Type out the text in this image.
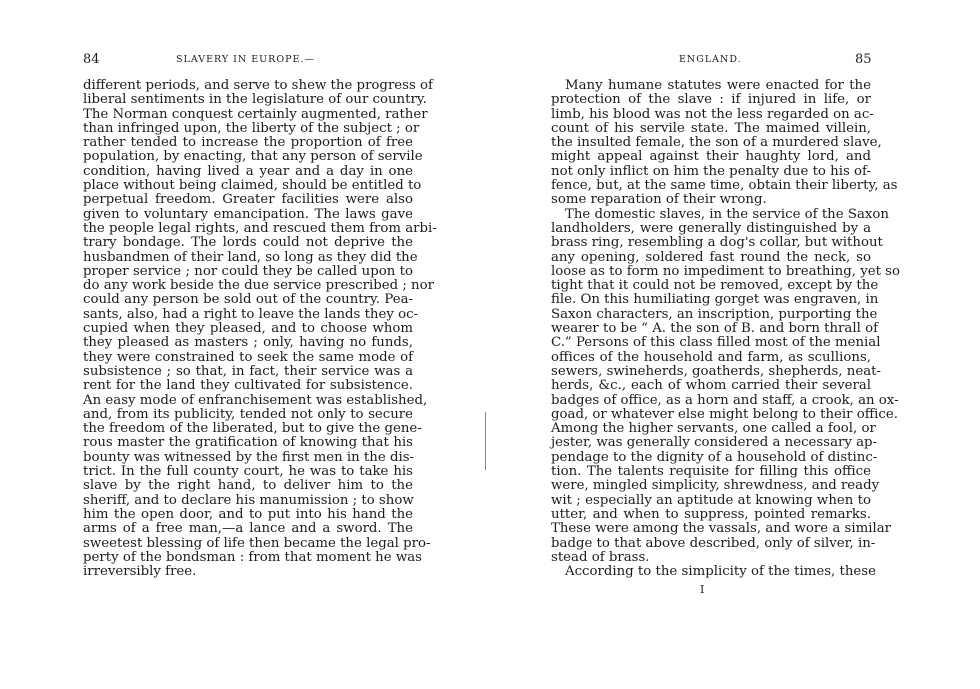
84	SLAVERY IN EUROPE.—	ENGLAND.	85

different periods, and serve to shew the progress of
liberal sentiments in the legislature of our country.
The Norman conquest certainly augmented, rather
than infringed upon, the liberty of the subject ; or
rather tended to increase the proportion of free
population, by enacting, that any person of servile
condition, having lived a year and a day in one
place without being claimed, should be entitled to
perpetual freedom. Greater facilities were also
given to voluntary emancipation. The laws gave
the people legal rights, and rescued them from arbi-
trary bondage. The lords could not deprive the
husbandmen of their land, so long as they did the
proper service ; nor could they be called upon to
do any work beside the due service prescribed ; nor
could any person be sold out of the country. Pea-
sants, also, had a right to leave the lands they oc-
cupied when they pleased, and to choose whom
they pleased as masters ; only, having no funds,
they were constrained to seek the same mode of
subsistence ; so that, in fact, their service was a
rent for the land they cultivated for subsistence.
An easy mode of enfranchisement was established,
and, from its publicity, tended not only to secure
the freedom of the liberated, but to give the gene-
rous master the gratification of knowing that his
bounty was witnessed by the first men in the dis-
trict. In the full county court, he was to take his
slave by the right hand, to deliver him to the
sheriff, and to declare his manumission ; to show
him the open door, and to put into his hand the
arms of a free man,—a lance and a sword. The
sweetest blessing of life then became the legal pro-
perty of the bondsman : from that moment he was
irreversibly free.
Many humane statutes were enacted for the
protection of the slave : if injured in life, or
limb, his blood was not the less regarded on ac-
count of his servile state. The maimed villein,
the insulted female, the son of a murdered slave,
might appeal against their haughty lord, and
not only inflict on him the penalty due to his of-
fence, but, at the same time, obtain their liberty, as
some reparation of their wrong.
The domestic slaves, in the service of the Saxon
landholders, were generally distinguished by a
brass ring, resembling a dog's collar, but without
any opening, soldered fast round the neck, so
loose as to form no impediment to breathing, yet so
tight that it could not be removed, except by the
file. On this humiliating gorget was engraven, in
Saxon characters, an inscription, purporting the
wearer to be “ A. the son of B. and born thrall of
C.” Persons of this class filled most of the menial
offices of the household and farm, as scullions,
sewers, swineherds, goatherds, shepherds, neat-
herds, &c., each of whom carried their several
badges of office, as a horn and staff, a crook, an ox-
goad, or whatever else might belong to their office.
Among the higher servants, one called a fool, or
jester, was generally considered a necessary ap-
pendage to the dignity of a household of distinc-
tion. The talents requisite for filling this office
were, mingled simplicity, shrewdness, and ready
wit ; especially an aptitude at knowing when to
utter, and when to suppress, pointed remarks.
These were among the vassals, and wore a similar
badge to that above described, only of silver, in-
stead of brass.
According to the simplicity of the times, these

I
